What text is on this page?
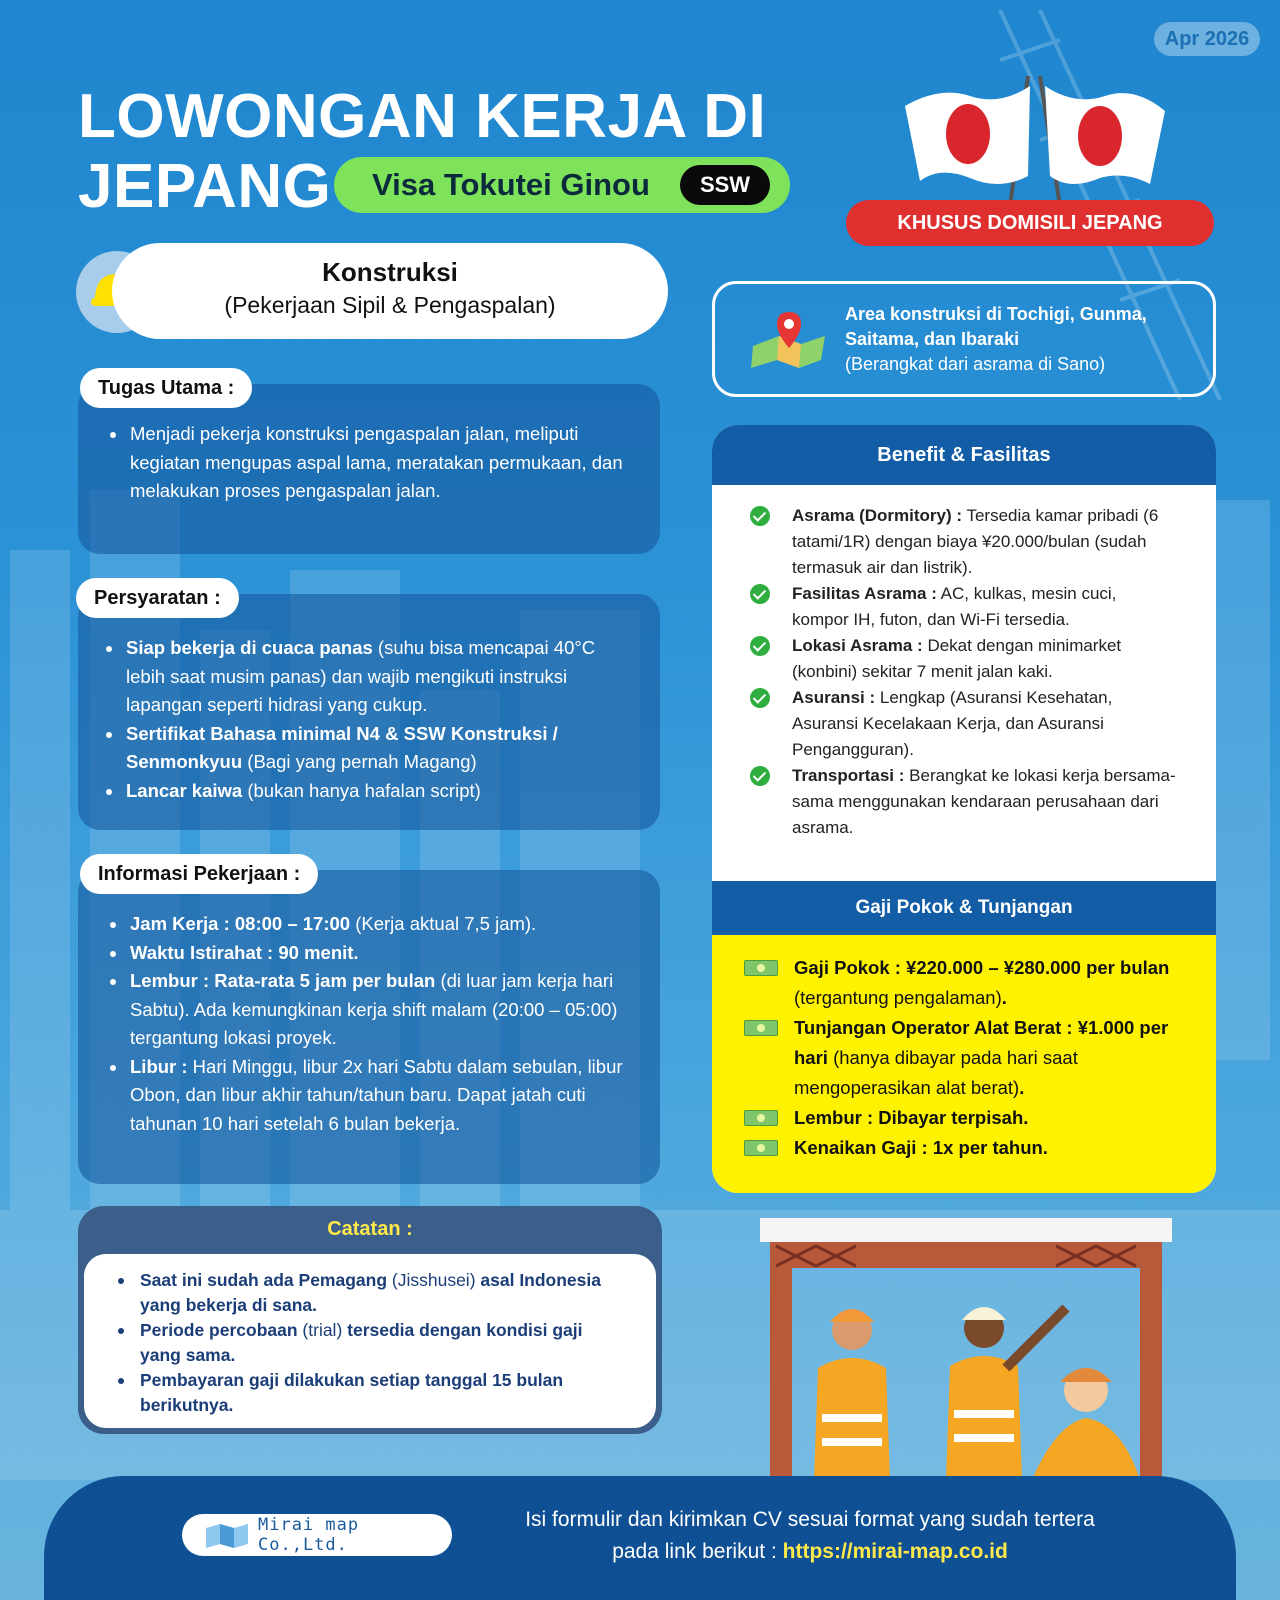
Apr 2026
LOWONGAN KERJA DI
JEPANG	Visa Tokutei Ginou	SSW
KHUSUS DOMISILI JEPANG
Konstruksi
(Pekerjaan Sipil & Pengaspalan)	Area konstruksi di Tochigi, Gunma, Saitama, dan Ibaraki
(Berangkat dari asrama di Sano)
Menjadi pekerja konstruksi pengaspalan jalan, meliputi kegiatan mengupas aspal lama, meratakan permukaan, dan melakukan proses pengaspalan jalan.
Tugas Utama :
Siap bekerja di cuaca panas (suhu bisa mencapai 40°C lebih saat musim panas) dan wajib mengikuti instruksi lapangan seperti hidrasi yang cukup.
Sertifikat Bahasa minimal N4 & SSW Konstruksi / Senmonkyuu (Bagi yang pernah Magang)
Lancar kaiwa (bukan hanya hafalan script)
Persyaratan :
Jam Kerja : 08:00 – 17:00 (Kerja aktual 7,5 jam).
Waktu Istirahat : 90 menit.
Lembur : Rata-rata 5 jam per bulan (di luar jam kerja hari Sabtu). Ada kemungkinan kerja shift malam (20:00 – 05:00) tergantung lokasi proyek.
Libur : Hari Minggu, libur 2x hari Sabtu dalam sebulan, libur Obon, dan libur akhir tahun/tahun baru. Dapat jatah cuti tahunan 10 hari setelah 6 bulan bekerja.
Informasi Pekerjaan :
Benefit & Fasilitas
Asrama (Dormitory) : Tersedia kamar pribadi (6 tatami/1R) dengan biaya ¥20.000/bulan (sudah termasuk air dan listrik).
Fasilitas Asrama : AC, kulkas, mesin cuci, kompor IH, futon, dan Wi-Fi tersedia.
Lokasi Asrama : Dekat dengan minimarket (konbini) sekitar 7 menit jalan kaki.
Asuransi : Lengkap (Asuransi Kesehatan, Asuransi Kecelakaan Kerja, dan Asuransi Pengangguran).
Transportasi : Berangkat ke lokasi kerja bersama-sama menggunakan kendaraan perusahaan dari asrama.
Gaji Pokok & Tunjangan
Gaji Pokok : ¥220.000 – ¥280.000 per bulan (tergantung pengalaman).
Tunjangan Operator Alat Berat : ¥1.000 per hari (hanya dibayar pada hari saat mengoperasikan alat berat).
Lembur : Dibayar terpisah.
Kenaikan Gaji : 1x per tahun.
Catatan :
Saat ini sudah ada Pemagang (Jisshusei) asal Indonesia yang bekerja di sana.
Periode percobaan (trial) tersedia dengan kondisi gaji yang sama.
Pembayaran gaji dilakukan setiap tanggal 15 bulan berikutnya.
Mirai map Co.,Ltd.
Isi formulir dan kirimkan CV sesuai format yang sudah tertera
pada link berikut : https://mirai-map.co.id
